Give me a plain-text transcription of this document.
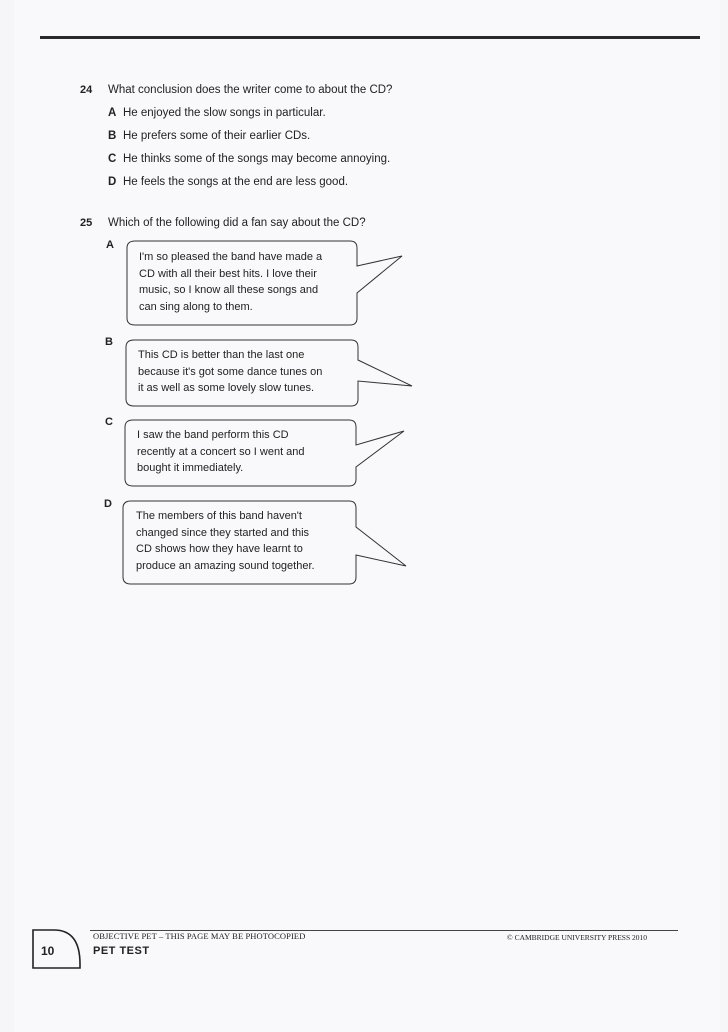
24 What conclusion does the writer come to about the CD?
A He enjoyed the slow songs in particular.
B He prefers some of their earlier CDs.
C He thinks some of the songs may become annoying.
D He feels the songs at the end are less good.
25 Which of the following did a fan say about the CD?
A
I'm so pleased the band have made a
CD with all their best hits. I love their
music, so I know all these songs and
can sing along to them.
B
This CD is better than the last one
because it's got some dance tunes on
it as well as some lovely slow tunes.
C
I saw the band perform this CD
recently at a concert so I went and
bought it immediately.
D
The members of this band haven't
changed since they started and this
CD shows how they have learnt to
produce an amazing sound together.
OBJECTIVE PET – THIS PAGE MAY BE PHOTOCOPIED	© CAMBRIDGE UNIVERSITY PRESS 2010
PET TEST
10
